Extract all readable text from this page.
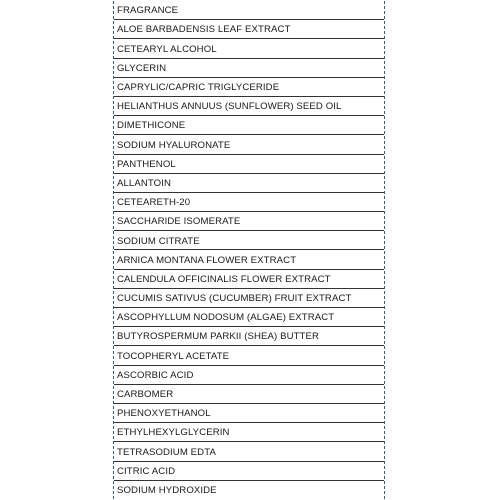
FRAGRANCE
ALOE BARBADENSIS LEAF EXTRACT
CETEARYL ALCOHOL
GLYCERIN
CAPRYLIC/CAPRIC TRIGLYCERIDE
HELIANTHUS ANNUUS (SUNFLOWER) SEED OIL
DIMETHICONE
SODIUM HYALURONATE
PANTHENOL
ALLANTOIN
CETEARETH-20
SACCHARIDE ISOMERATE
SODIUM CITRATE
ARNICA MONTANA FLOWER EXTRACT
CALENDULA OFFICINALIS FLOWER EXTRACT
CUCUMIS SATIVUS (CUCUMBER) FRUIT EXTRACT
ASCOPHYLLUM NODOSUM (ALGAE) EXTRACT
BUTYROSPERMUM PARKII (SHEA) BUTTER
TOCOPHERYL ACETATE
ASCORBIC ACID
CARBOMER
PHENOXYETHANOL
ETHYLHEXYLGLYCERIN
TETRASODIUM EDTA
CITRIC ACID
SODIUM HYDROXIDE
